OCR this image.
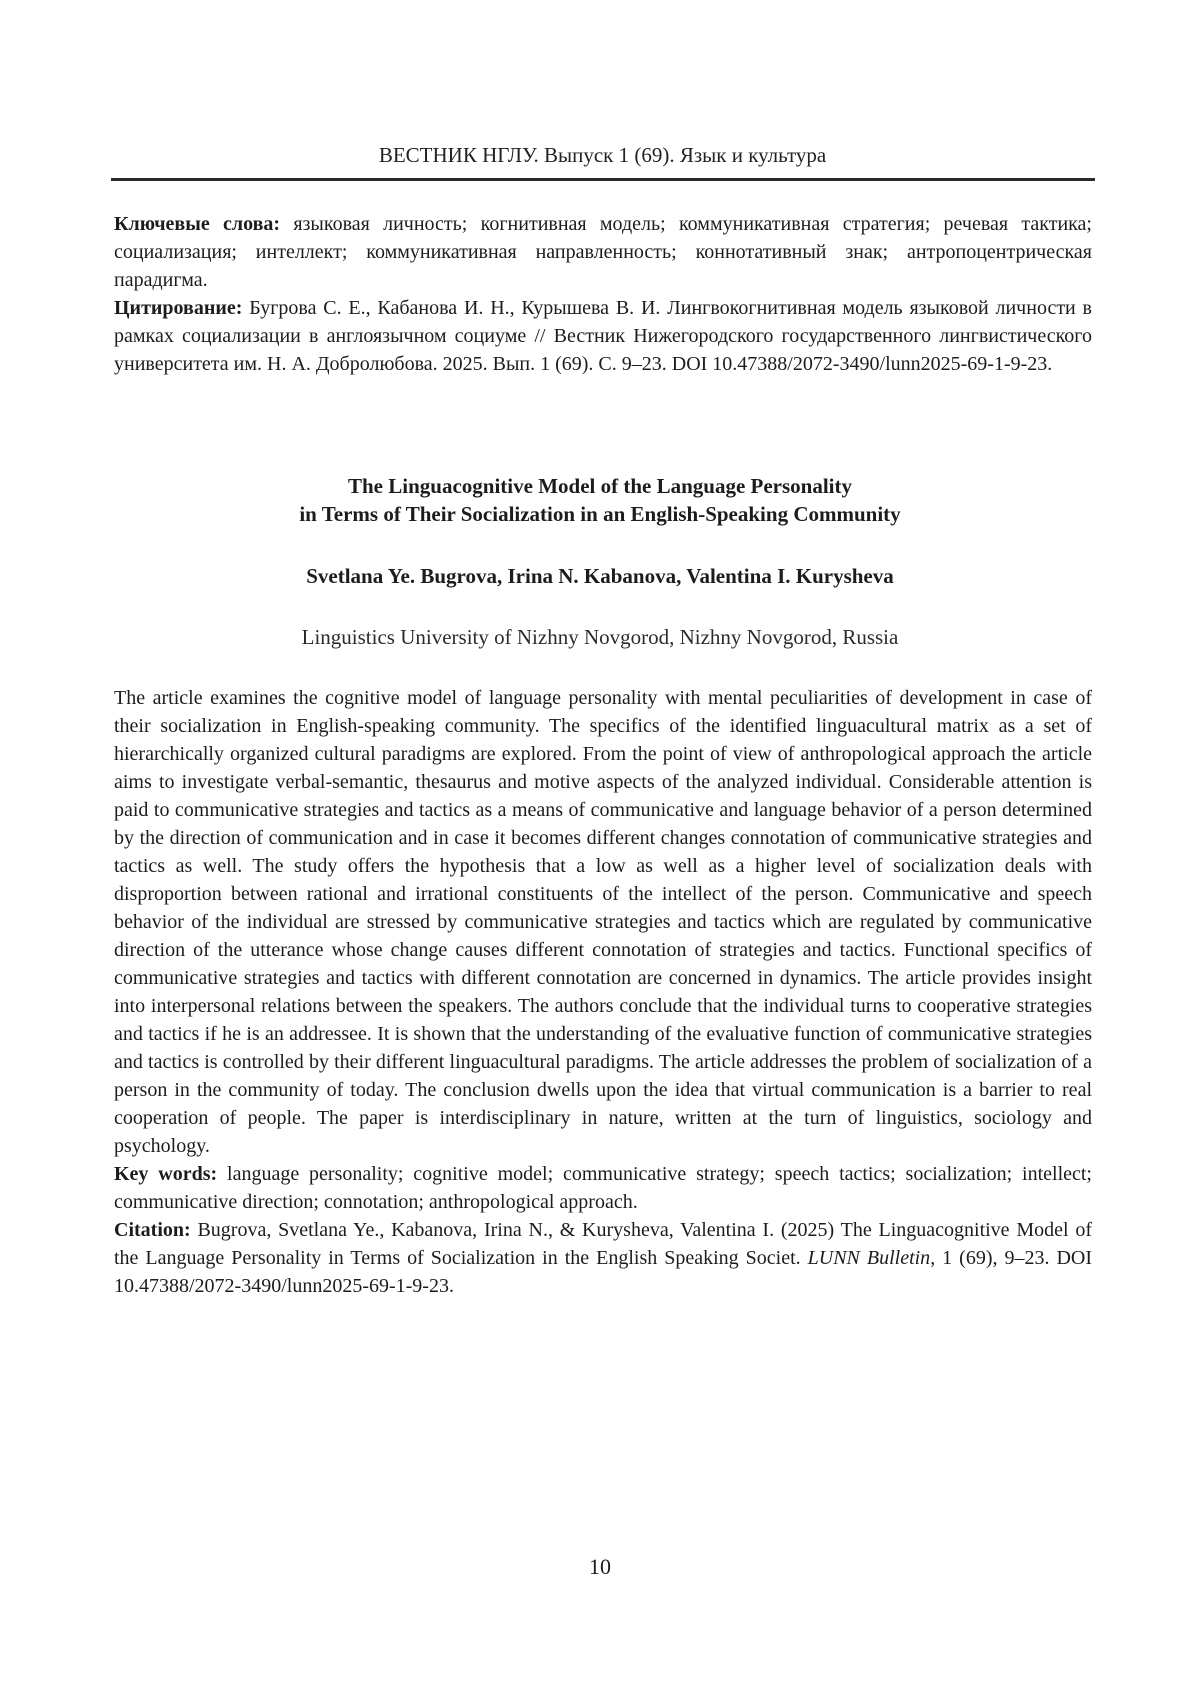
ВЕСТНИК НГЛУ. Выпуск 1 (69). Язык и культура

Ключевые слова: языковая личность; когнитивная модель; коммуникативная стратегия; речевая тактика; социализация; интеллект; коммуникативная направленность; коннотативный знак; антропоцентрическая парадигма.

Цитирование: Бугрова С. Е., Кабанова И. Н., Курышева В. И. Лингвокогнитивная модель языковой личности в рамках социализации в англоязычном социуме // Вестник Нижегородского государственного лингвистического университета им. Н. А. Добролюбова. 2025. Вып. 1 (69). С. 9–23. DOI 10.47388/2072-3490/lunn2025-69-1-9-23.

The Linguacognitive Model of the Language Personality
in Terms of Their Socialization in an English-Speaking Community
Svetlana Ye. Bugrova, Irina N. Kabanova, Valentina I. Kurysheva
Linguistics University of Nizhny Novgorod, Nizhny Novgorod, Russia

The article examines the cognitive model of language personality with mental peculiarities of development in case of their socialization in English-speaking community. The specifics of the identified linguacultural matrix as a set of hierarchically organized cultural paradigms are explored. From the point of view of anthropological approach the article aims to investigate verbal-semantic, thesaurus and motive aspects of the analyzed individual. Considerable attention is paid to communicative strategies and tactics as a means of communicative and language behavior of a person determined by the direction of communication and in case it becomes different changes connotation of communicative strategies and tactics as well. The study offers the hypothesis that a low as well as a higher level of socialization deals with disproportion between rational and irrational constituents of the intellect of the person. Communicative and speech behavior of the individual are stressed by communicative strategies and tactics which are regulated by communicative direction of the utterance whose change causes different connotation of strategies and tactics. Functional specifics of communicative strategies and tactics with different connotation are concerned in dynamics. The article provides insight into interpersonal relations between the speakers. The authors conclude that the individual turns to cooperative strategies and tactics if he is an addressee. It is shown that the understanding of the evaluative function of communicative strategies and tactics is controlled by their different linguacultural paradigms. The article addresses the problem of socialization of a person in the community of today. The conclusion dwells upon the idea that virtual communication is a barrier to real cooperation of people. The paper is interdisciplinary in nature, written at the turn of linguistics, sociology and psychology.

Key words: language personality; cognitive model; communicative strategy; speech tactics; socialization; intellect; communicative direction; connotation; anthropological approach.

Citation: Bugrova, Svetlana Ye., Kabanova, Irina N., & Kurysheva, Valentina I. (2025) The Linguacognitive Model of the Language Personality in Terms of Socialization in the English Speaking Societ. LUNN Bulletin, 1 (69), 9–23. DOI 10.47388/2072-3490/lunn2025-69-1-9-23.

10
